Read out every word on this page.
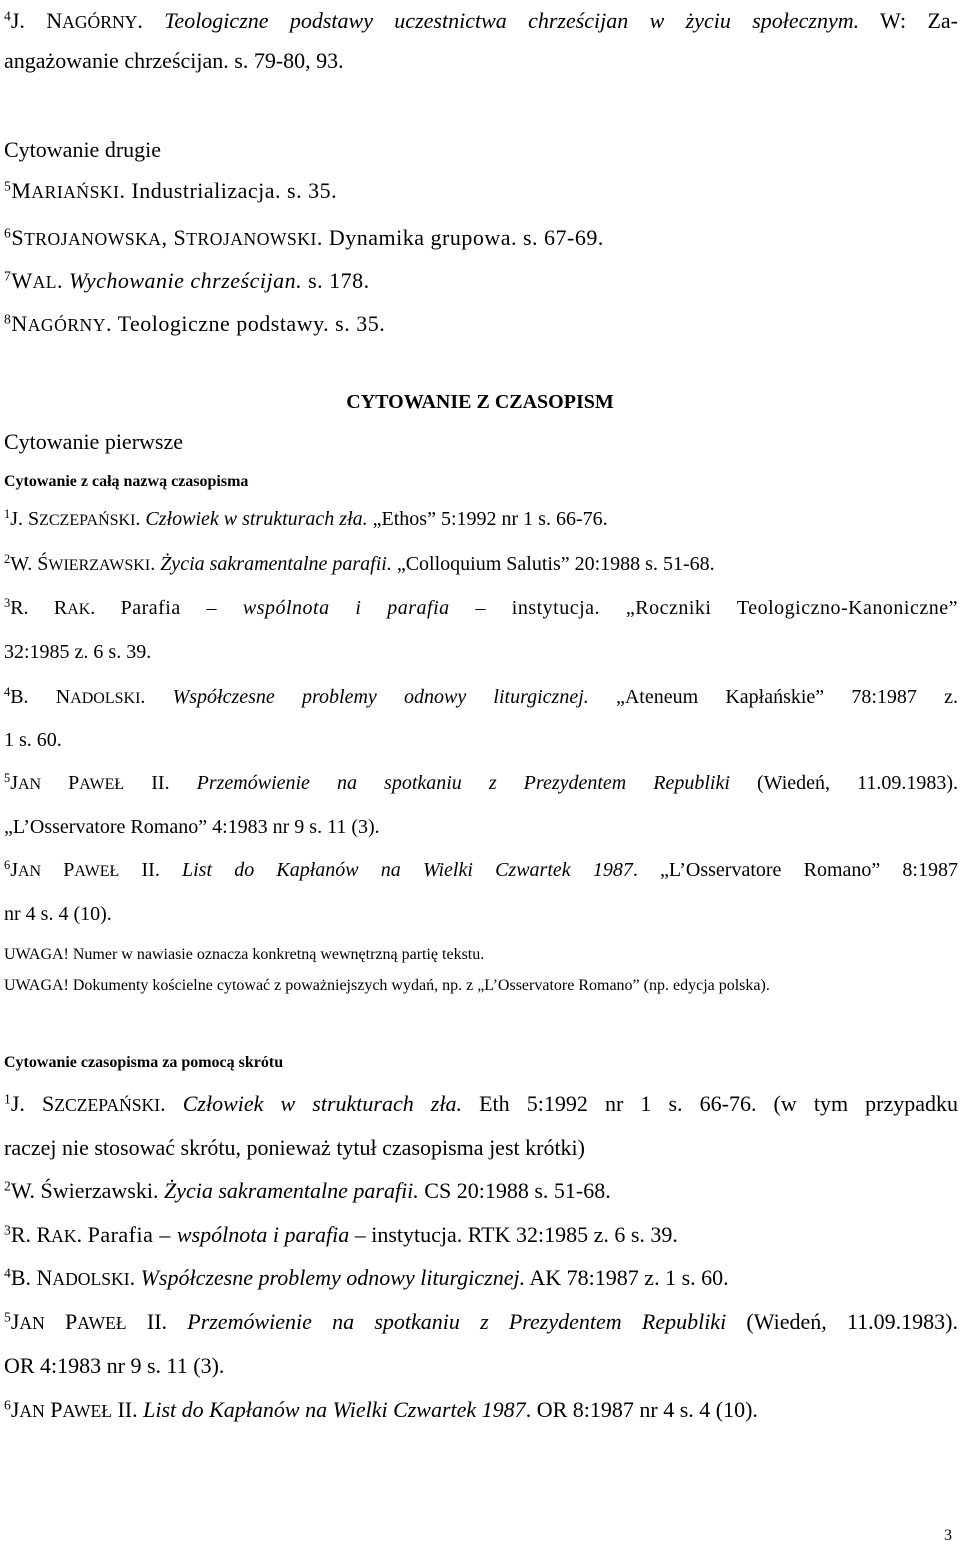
$^4$J. NAGÓRNY. Teologiczne podstawy uczestnictwa chrześcijan w życiu społecznym. W: Za-
angażowanie chrześcijan. s. 79-80, 93.
Cytowanie drugie
$^5$MARIAŃSKI. Industrializacja. s. 35.
$^6$STROJANOWSKA, STROJANOWSKI. Dynamika grupowa. s. 67-69.
$^7$WAL. Wychowanie chrześcijan. s. 178.
$^8$NAGÓRNY. Teologiczne podstawy. s. 35.
CYTOWANIE Z CZASOPISM
Cytowanie pierwsze
Cytowanie z całą nazwą czasopisma
$^1$J. SZCZEPAŃSKI. Człowiek w strukturach zła. „Ethos” 5:1992 nr 1 s. 66-76.
$^2$W. ŚWIERZAWSKI. Życia sakramentalne parafii. „Colloquium Salutis” 20:1988 s. 51-68.
$^3$R. RAK. Parafia – wspólnota i parafia – instytucja. „Roczniki Teologiczno-Kanoniczne”
32:1985 z. 6 s. 39.
$^4$B. NADOLSKI. Współczesne problemy odnowy liturgicznej. „Ateneum Kapłańskie” 78:1987 z.
1 s. 60.
$^5$JAN PAWEŁ II. Przemówienie na spotkaniu z Prezydentem Republiki (Wiedeń, 11.09.1983).
„L’Osservatore Romano” 4:1983 nr 9 s. 11 (3).
$^6$JAN PAWEŁ II. List do Kapłanów na Wielki Czwartek 1987. „L’Osservatore Romano” 8:1987
nr 4 s. 4 (10).
UWAGA! Numer w nawiasie oznacza konkretną wewnętrzną partię tekstu.
UWAGA! Dokumenty kościelne cytować z poważniejszych wydań, np. z „L’Osservatore Romano” (np. edycja polska).
Cytowanie czasopisma za pomocą skrótu
$^1$J. SZCZEPAŃSKI. Człowiek w strukturach zła. Eth 5:1992 nr 1 s. 66-76. (w tym przypadku
raczej nie stosować skrótu, ponieważ tytuł czasopisma jest krótki)
$^2$W. Świerzawski. Życia sakramentalne parafii. CS 20:1988 s. 51-68.
$^3$R. RAK. Parafia – wspólnota i parafia – instytucja. RTK 32:1985 z. 6 s. 39.
$^4$B. NADOLSKI. Współczesne problemy odnowy liturgicznej. AK 78:1987 z. 1 s. 60.
$^5$JAN PAWEŁ II. Przemówienie na spotkaniu z Prezydentem Republiki (Wiedeń, 11.09.1983).
OR 4:1983 nr 9 s. 11 (3).
$^6$JAN PAWEŁ II. List do Kapłanów na Wielki Czwartek 1987. OR 8:1987 nr 4 s. 4 (10).
3
